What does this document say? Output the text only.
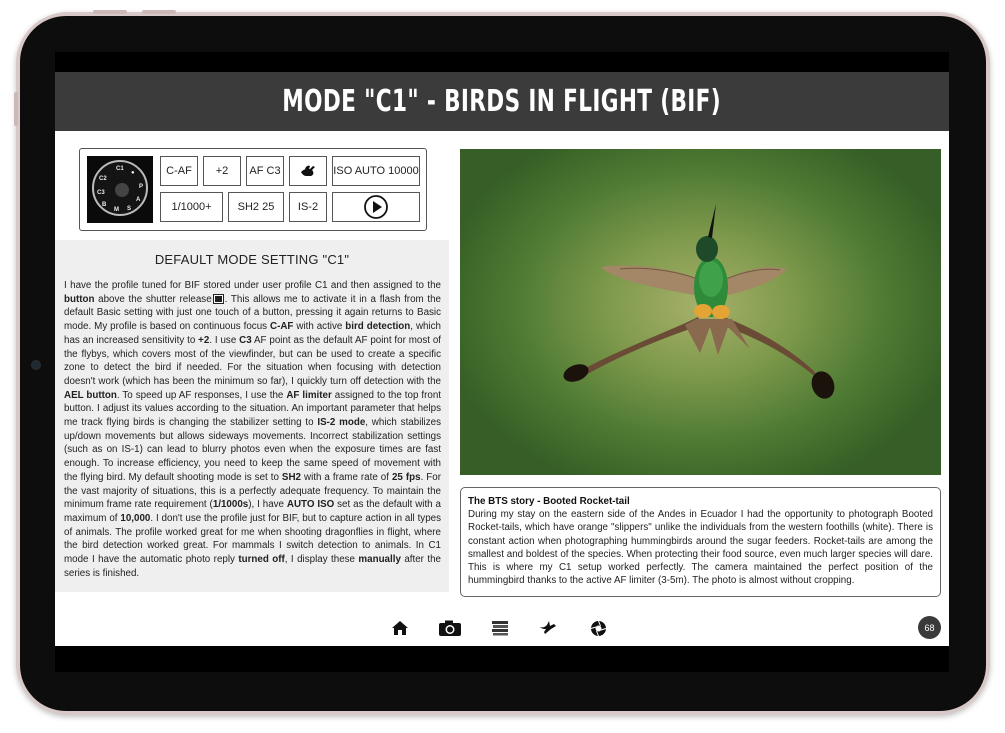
MODE "C1" - BIRDS IN FLIGHT (BIF)
C1
C2
C3
B
M S
A
P
●	C-AF	+2	AF C3	ISO AUTO 10000
1/1000+	SH2 25	IS-2
DEFAULT MODE SETTING "C1"

I have the profile tuned for BIF stored under user profile C1 and then assigned to the button above the shutter release . This allows me to activate it in a flash from the default Basic setting with just one touch of a button, pressing it again returns to Basic mode. My profile is based on continuous focus C-AF with active bird detection, which has an increased sensitivity to +2. I use C3 AF point as the default AF point for most of the flybys, which covers most of the viewfinder, but can be used to create a specific zone to detect the bird if needed. For the situation when focusing with detection doesn't work (which has been the minimum so far), I quickly turn off detection with the AEL button. To speed up AF responses, I use the AF limiter assigned to the top front button. I adjust its values according to the situation. An important parameter that helps me track flying birds is changing the stabilizer setting to IS-2 mode, which stabilizes up/down movements but allows sideways movements. Incorrect stabilization settings (such as on IS-1) can lead to blurry photos even when the exposure times are fast enough. To increase efficiency, you need to keep the same speed of movement with the flying bird. My default shooting mode is set to SH2 with a frame rate of 25 fps. For the vast majority of situations, this is a perfectly adequate frequency. To maintain the minimum frame rate requirement (1/1000s), I have AUTO ISO set as the default with a maximum of 10,000. I don't use the profile just for BIF, but to capture action in all types of animals. The profile worked great for me when shooting dragonflies in flight, where the bird detection worked great. For mammals I switch detection to animals. In C1 mode I have the automatic photo reply turned off, I display these manually after the series is finished.

The BTS story - Booted Rocket-tail

During my stay on the eastern side of the Andes in Ecuador I had the opportunity to photograph Booted Rocket-tails, which have orange "slippers" unlike the individuals from the western foothills (white). There is constant action when photographing hummingbirds around the sugar feeders. Rocket-tails are among the smallest and boldest of the species. When protecting their food source, even much larger species will dare. This is where my C1 setup worked perfectly. The camera maintained the perfect position of the hummingbird thanks to the active AF limiter (3-5m). The photo is almost without cropping.

68
